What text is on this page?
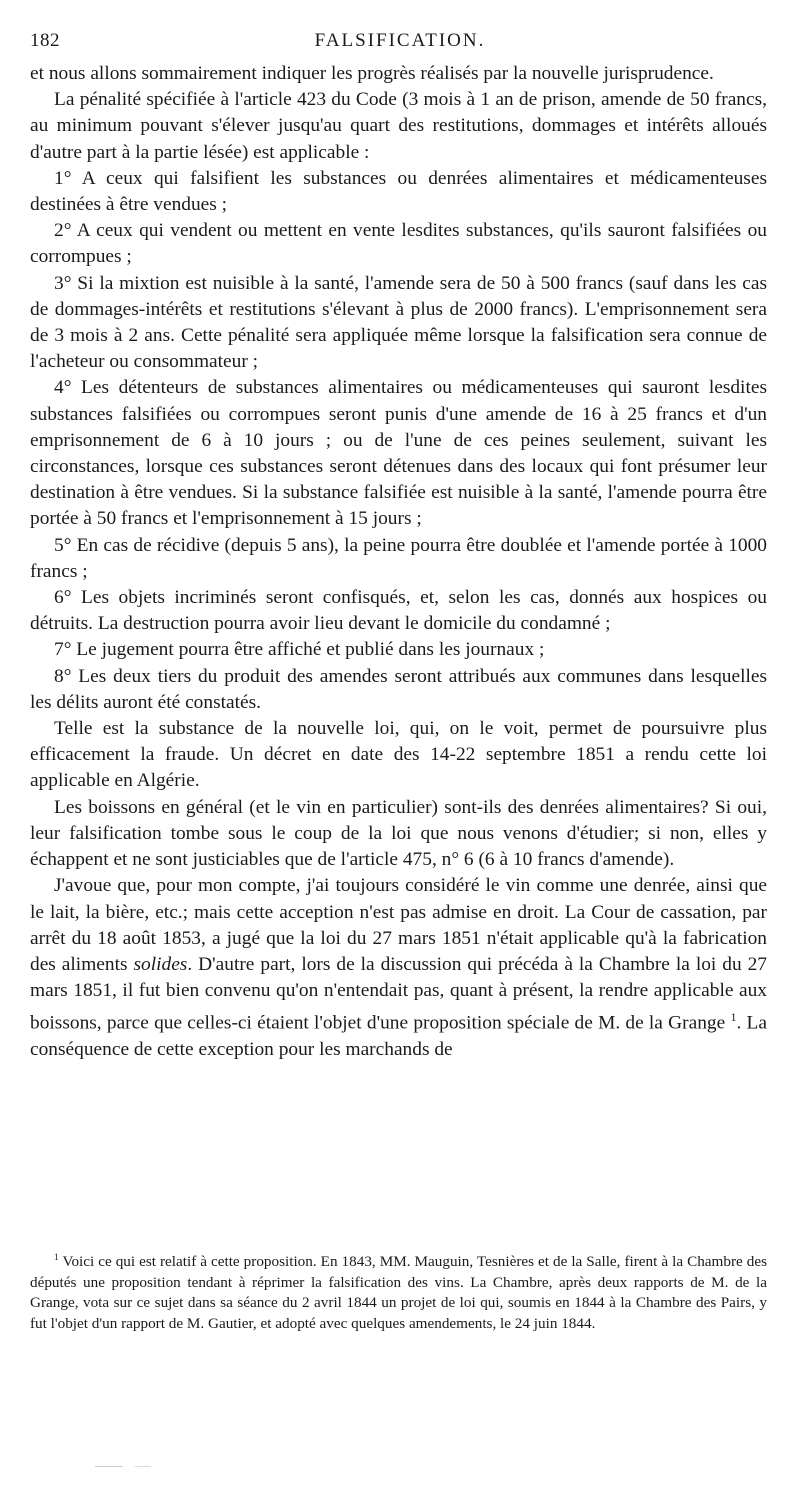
182	FALSIFICATION.

et nous allons sommairement indiquer les progrès réalisés par la nouvelle jurisprudence.

La pénalité spécifiée à l'article 423 du Code (3 mois à 1 an de prison, amende de 50 francs, au minimum pouvant s'élever jusqu'au quart des restitutions, dommages et intérêts alloués d'autre part à la partie lésée) est applicable :

1° A ceux qui falsifient les substances ou denrées alimentaires et médicamenteuses destinées à être vendues ;

2° A ceux qui vendent ou mettent en vente lesdites substances, qu'ils sauront falsifiées ou corrompues ;

3° Si la mixtion est nuisible à la santé, l'amende sera de 50 à 500 francs (sauf dans les cas de dommages-intérêts et restitutions s'élevant à plus de 2000 francs). L'emprisonnement sera de 3 mois à 2 ans. Cette pénalité sera appliquée même lorsque la falsification sera connue de l'acheteur ou consommateur ;

4° Les détenteurs de substances alimentaires ou médicamenteuses qui sauront lesdites substances falsifiées ou corrompues seront punis d'une amende de 16 à 25 francs et d'un emprisonnement de 6 à 10 jours ; ou de l'une de ces peines seulement, suivant les circonstances, lorsque ces substances seront détenues dans des locaux qui font présumer leur destination à être vendues. Si la substance falsifiée est nuisible à la santé, l'amende pourra être portée à 50 francs et l'emprisonnement à 15 jours ;

5° En cas de récidive (depuis 5 ans), la peine pourra être doublée et l'amende portée à 1000 francs ;

6° Les objets incriminés seront confisqués, et, selon les cas, donnés aux hospices ou détruits. La destruction pourra avoir lieu devant le domicile du condamné ;

7° Le jugement pourra être affiché et publié dans les journaux ;

8° Les deux tiers du produit des amendes seront attribués aux communes dans lesquelles les délits auront été constatés.

Telle est la substance de la nouvelle loi, qui, on le voit, permet de poursuivre plus efficacement la fraude. Un décret en date des 14-22 septembre 1851 a rendu cette loi applicable en Algérie.

Les boissons en général (et le vin en particulier) sont-ils des denrées alimentaires? Si oui, leur falsification tombe sous le coup de la loi que nous venons d'étudier; si non, elles y échappent et ne sont justiciables que de l'article 475, n° 6 (6 à 10 francs d'amende).

J'avoue que, pour mon compte, j'ai toujours considéré le vin comme une denrée, ainsi que le lait, la bière, etc.; mais cette acception n'est pas admise en droit. La Cour de cassation, par arrêt du 18 août 1853, a jugé que la loi du 27 mars 1851 n'était applicable qu'à la fabrication des aliments solides. D'autre part, lors de la discussion qui précéda à la Chambre la loi du 27 mars 1851, il fut bien convenu qu'on n'entendait pas, quant à présent, la rendre applicable aux boissons, parce que celles-ci étaient l'objet d'une proposition spéciale de M. de la Grange $^1$. La conséquence de cette exception pour les marchands de

$^1$ Voici ce qui est relatif à cette proposition. En 1843, MM. Mauguin, Tesnières et de la Salle, firent à la Chambre des députés une proposition tendant à réprimer la falsification des vins. La Chambre, après deux rapports de M. de la Grange, vota sur ce sujet dans sa séance du 2 avril 1844 un projet de loi qui, soumis en 1844 à la Chambre des Pairs, y fut l'objet d'un rapport de M. Gautier, et adopté avec quelques amendements, le 24 juin 1844.
